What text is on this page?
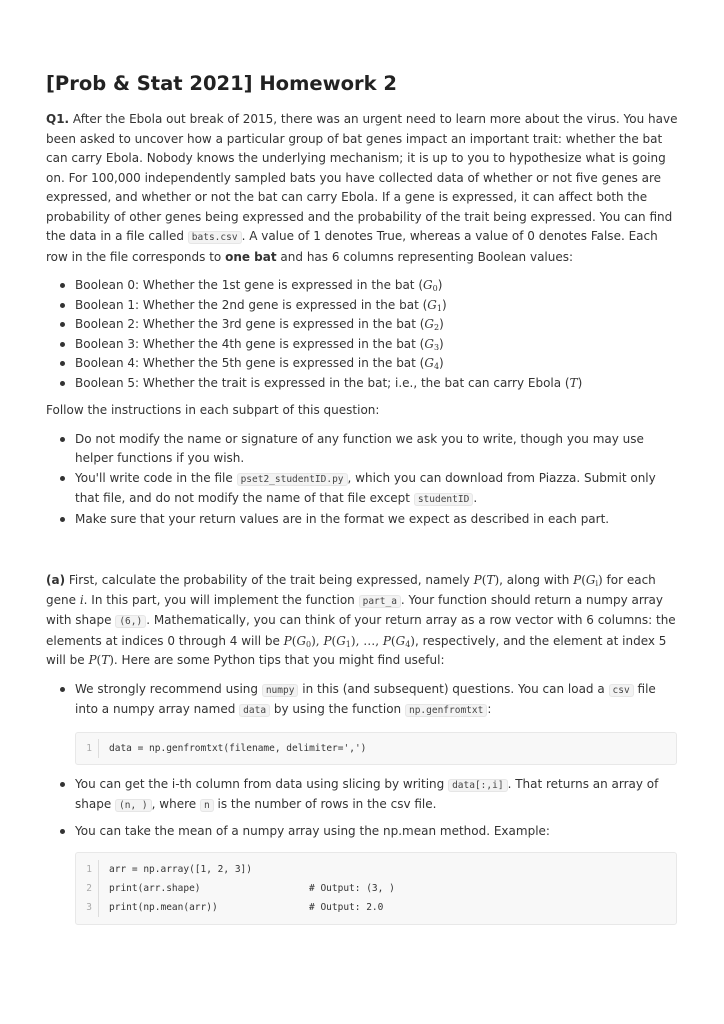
[Prob & Stat 2021] Homework 2

Q1. After the Ebola out break of 2015, there was an urgent need to learn more about the virus. You have been asked to uncover how a particular group of bat genes impact an important trait: whether the bat can carry Ebola. Nobody knows the underlying mechanism; it is up to you to hypothesize what is going on. For 100,000 independently sampled bats you have collected data of whether or not five genes are expressed, and whether or not the bat can carry Ebola. If a gene is expressed, it can affect both the probability of other genes being expressed and the probability of the trait being expressed. You can find the data in a file called bats.csv . A value of 1 denotes True, whereas a value of 0 denotes False. Each row in the file corresponds to one bat and has 6 columns representing Boolean values:

Boolean 0: Whether the 1st gene is expressed in the bat $(G_0)$
Boolean 1: Whether the 2nd gene is expressed in the bat $(G_1)$
Boolean 2: Whether the 3rd gene is expressed in the bat $(G_2)$
Boolean 3: Whether the 4th gene is expressed in the bat $(G_3)$
Boolean 4: Whether the 5th gene is expressed in the bat $(G_4)$
Boolean 5: Whether the trait is expressed in the bat; i.e., the bat can carry Ebola (T)

Follow the instructions in each subpart of this question:

Do not modify the name or signature of any function we ask you to write, though you may use helper functions if you wish.
You'll write code in the file pset2_studentID.py , which you can download from Piazza. Submit only that file, and do not modify the name of that file except studentID .
Make sure that your return values are in the format we expect as described in each part.

(a) First, calculate the probability of the trait being expressed, namely P(T), along with $P(G_i)$ for each gene i. In this part, you will implement the function part_a . Your function should return a numpy array with shape (6,) . Mathematically, you can think of your return array as a row vector with 6 columns: the elements at indices 0 through 4 will be $P(G_0)$, $P(G_1)$, …, $P(G_4)$, respectively, and the element at index 5 will be P(T). Here are some Python tips that you might find useful:

We strongly recommend using numpy in this (and subsequent) questions. You can load a csv file into a numpy array named data by using the function np.genfromtxt :
1	data = np.genfromtxt(filename, delimiter=',')
You can get the i-th column from data using slicing by writing data[:,i] . That returns an array of shape (n, ) , where n is the number of rows in the csv file.
You can take the mean of a numpy array using the np.mean method. Example:
1	arr = np.array([1, 2, 3])
2	print(arr.shape)	# Output: (3, )
3	print(np.mean(arr))	# Output: 2.0
